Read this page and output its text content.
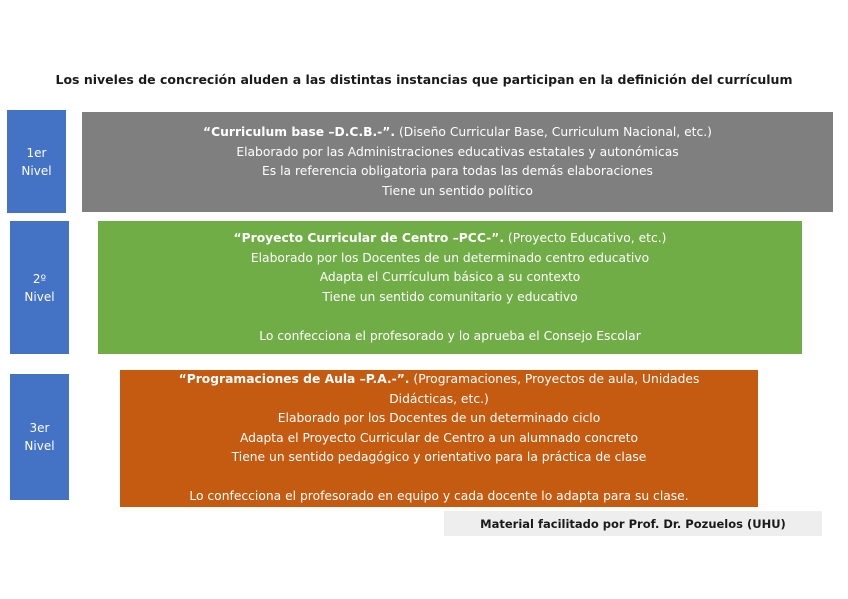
Los niveles de concreción aluden a las distintas instancias que participan en la definición del currículum
1er
Nivel
“Curriculum base –D.C.B.-”. (Diseño Curricular Base, Curriculum Nacional, etc.)
Elaborado por las Administraciones educativas estatales y autonómicas
Es la referencia obligatoria para todas las demás elaboraciones
Tiene un sentido político
2º
Nivel
“Proyecto Curricular de Centro –PCC-”. (Proyecto Educativo, etc.)
Elaborado por los Docentes de un determinado centro educativo
Adapta el Currículum básico a su contexto
Tiene un sentido comunitario y educativo
Lo confecciona el profesorado y lo aprueba el Consejo Escolar
3er
Nivel
“Programaciones de Aula –P.A.-”. (Programaciones, Proyectos de aula, Unidades Didácticas, etc.)
Elaborado por los Docentes de un determinado ciclo
Adapta el Proyecto Curricular de Centro a un alumnado concreto
Tiene un sentido pedagógico y orientativo para la práctica de clase
Lo confecciona el profesorado en equipo y cada docente lo adapta para su clase.
Material facilitado por Prof. Dr. Pozuelos (UHU)
